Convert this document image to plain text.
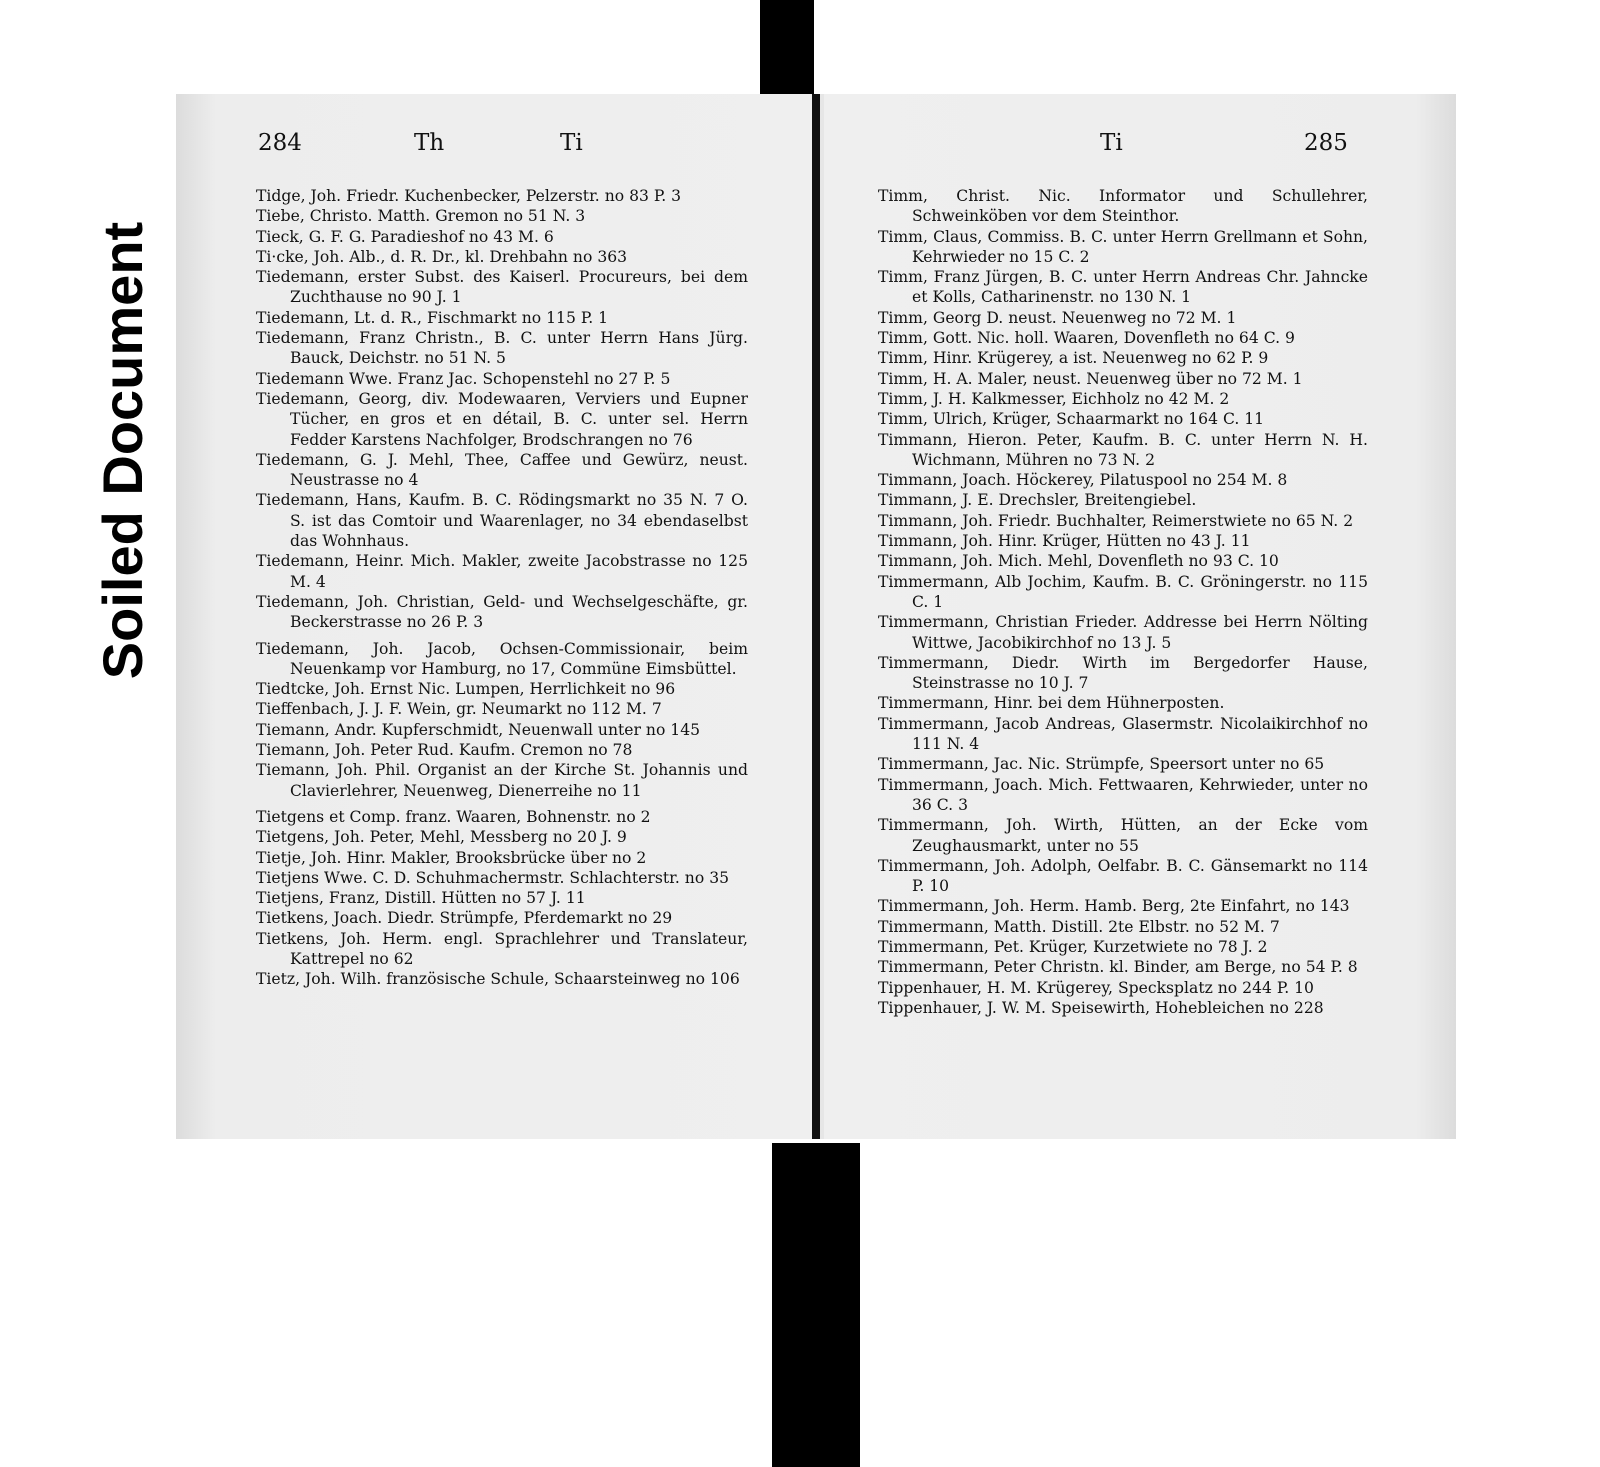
Soiled Document
284	Th	Ti
Tidge, Joh. Friedr. Kuchenbecker, Pelzerstr. no 83 P. 3
Tiebe, Christo. Matth. Gremon no 51 N. 3
Tieck, G. F. G. Paradieshof no 43 M. 6
Ti·cke, Joh. Alb., d. R. Dr., kl. Drehbahn no 363
Tiedemann, erster Subst. des Kaiserl. Procureurs, bei dem Zuchthause no 90 J. 1
Tiedemann, Lt. d. R., Fischmarkt no 115 P. 1
Tiedemann, Franz Christn., B. C. unter Herrn Hans Jürg. Bauck, Deichstr. no 51 N. 5
Tiedemann Wwe. Franz Jac. Schopenstehl no 27 P. 5
Tiedemann, Georg, div. Modewaaren, Verviers und Eupner Tücher, en gros et en détail, B. C. unter sel. Herrn Fedder Karstens Nachfolger, Brodschrangen no 76
Tiedemann, G. J. Mehl, Thee, Caffee und Gewürz, neust. Neustrasse no 4
Tiedemann, Hans, Kaufm. B. C. Rödingsmarkt no 35 N. 7 O. S. ist das Comtoir und Waarenlager, no 34 ebendaselbst das Wohnhaus.
Tiedemann, Heinr. Mich. Makler, zweite Jacobstrasse no 125 M. 4
Tiedemann, Joh. Christian, Geld- und Wechselgeschäfte, gr. Beckerstrasse no 26 P. 3
Tiedemann, Joh. Jacob, Ochsen-Commissionair, beim Neuenkamp vor Hamburg, no 17, Commüne Eimsbüttel.
Tiedtcke, Joh. Ernst Nic. Lumpen, Herrlichkeit no 96
Tieffenbach, J. J. F. Wein, gr. Neumarkt no 112 M. 7
Tiemann, Andr. Kupferschmidt, Neuenwall unter no 145
Tiemann, Joh. Peter Rud. Kaufm. Cremon no 78
Tiemann, Joh. Phil. Organist an der Kirche St. Johannis und Clavierlehrer, Neuenweg, Dienerreihe no 11
Tietgens et Comp. franz. Waaren, Bohnenstr. no 2
Tietgens, Joh. Peter, Mehl, Messberg no 20 J. 9
Tietje, Joh. Hinr. Makler, Brooksbrücke über no 2
Tietjens Wwe. C. D. Schuhmachermstr. Schlachterstr. no 35
Tietjens, Franz, Distill. Hütten no 57 J. 11
Tietkens, Joach. Diedr. Strümpfe, Pferdemarkt no 29
Tietkens, Joh. Herm. engl. Sprachlehrer und Translateur, Kattrepel no 62
Tietz, Joh. Wilh. französische Schule, Schaarsteinweg no 106
Ti	285
Timm, Christ. Nic. Informator und Schullehrer, Schweinköben vor dem Steinthor.
Timm, Claus, Commiss. B. C. unter Herrn Grellmann et Sohn, Kehrwieder no 15 C. 2
Timm, Franz Jürgen, B. C. unter Herrn Andreas Chr. Jahncke et Kolls, Catharinenstr. no 130 N. 1
Timm, Georg D. neust. Neuenweg no 72 M. 1
Timm, Gott. Nic. holl. Waaren, Dovenfleth no 64 C. 9
Timm, Hinr. Krügerey, a ist. Neuenweg no 62 P. 9
Timm, H. A. Maler, neust. Neuenweg über no 72 M. 1
Timm, J. H. Kalkmesser, Eichholz no 42 M. 2
Timm, Ulrich, Krüger, Schaarmarkt no 164 C. 11
Timmann, Hieron. Peter, Kaufm. B. C. unter Herrn N. H. Wichmann, Mühren no 73 N. 2
Timmann, Joach. Höckerey, Pilatuspool no 254 M. 8
Timmann, J. E. Drechsler, Breitengiebel.
Timmann, Joh. Friedr. Buchhalter, Reimerstwiete no 65 N. 2
Timmann, Joh. Hinr. Krüger, Hütten no 43 J. 11
Timmann, Joh. Mich. Mehl, Dovenfleth no 93 C. 10
Timmermann, Alb Jochim, Kaufm. B. C. Gröningerstr. no 115 C. 1
Timmermann, Christian Frieder. Addresse bei Herrn Nölting Wittwe, Jacobikirchhof no 13 J. 5
Timmermann, Diedr. Wirth im Bergedorfer Hause, Steinstrasse no 10 J. 7
Timmermann, Hinr. bei dem Hühnerposten.
Timmermann, Jacob Andreas, Glasermstr. Nicolaikirchhof no 111 N. 4
Timmermann, Jac. Nic. Strümpfe, Speersort unter no 65
Timmermann, Joach. Mich. Fettwaaren, Kehrwieder, unter no 36 C. 3
Timmermann, Joh. Wirth, Hütten, an der Ecke vom Zeughausmarkt, unter no 55
Timmermann, Joh. Adolph, Oelfabr. B. C. Gänsemarkt no 114 P. 10
Timmermann, Joh. Herm. Hamb. Berg, 2te Einfahrt, no 143
Timmermann, Matth. Distill. 2te Elbstr. no 52 M. 7
Timmermann, Pet. Krüger, Kurzetwiete no 78 J. 2
Timmermann, Peter Christn. kl. Binder, am Berge, no 54 P. 8
Tippenhauer, H. M. Krügerey, Specksplatz no 244 P. 10
Tippenhauer, J. W. M. Speisewirth, Hohebleichen no 228
